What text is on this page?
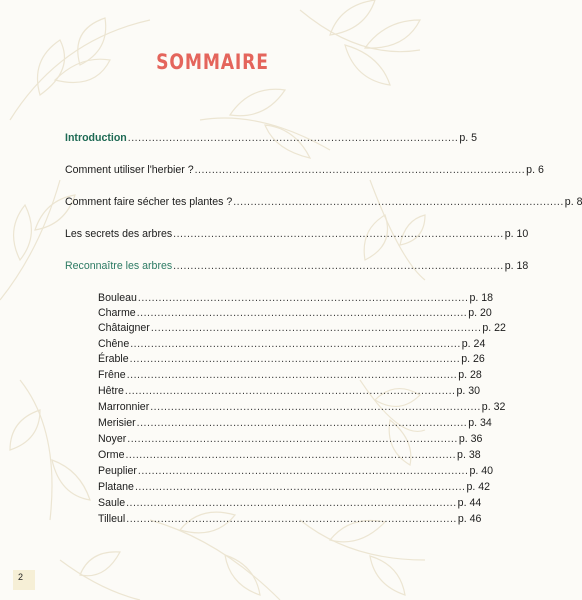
SOMMAIRE
Introduction ................................................................................................ p. 5
Comment utiliser l'herbier ? ................................................................................................ p. 6
Comment faire sécher tes plantes ? ................................................................................................ p. 8
Les secrets des arbres ................................................................................................ p. 10
Reconnaître les arbres ................................................................................................ p. 18
Bouleau ................................................................................................ p. 18
Charme ................................................................................................ p. 20
Châtaigner ................................................................................................ p. 22
Chêne ................................................................................................ p. 24
Érable ................................................................................................ p. 26
Frêne ................................................................................................ p. 28
Hêtre ................................................................................................ p. 30
Marronnier ................................................................................................ p. 32
Merisier ................................................................................................ p. 34
Noyer ................................................................................................ p. 36
Orme ................................................................................................ p. 38
Peuplier ................................................................................................ p. 40
Platane ................................................................................................ p. 42
Saule ................................................................................................ p. 44
Tilleul ................................................................................................ p. 46
2
